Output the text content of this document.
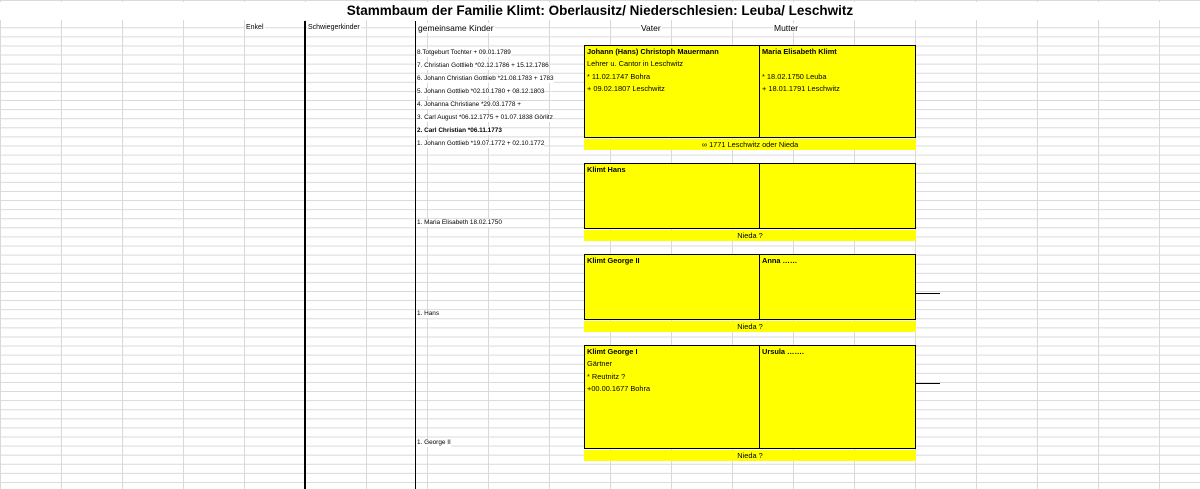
Stammbaum der Familie Klimt: Oberlausitz/ Niederschlesien: Leuba/ Leschwitz
Enkel	Schwiegerkinder	gemeinsame Kinder	Vater	Mutter
8.Totgeburt Tochter + 09.01.1789
7. Christian Gottlieb *02.12.1786 + 15.12.1786
6. Johann Christian Gottlieb *21.08.1783 + 1783
5. Johann Gottlieb *02.10.1780 + 08.12.1803
4. Johanna Christiane *29.03.1778 +
3. Carl August *06.12.1775 + 01.07.1838 Görlitz
2. Carl Christian *06.11.1773
1. Johann Gottlieb *19.07.1772 + 02.10.1772
Johann (Hans) Christoph Mauermann
Lehrer u. Cantor in Leschwitz
* 11.02.1747 Bohra
+ 09.02.1807 Leschwitz
Maria Elisabeth Klimt

* 18.02.1750 Leuba
+ 18.01.1791 Leschwitz
∞ 1771 Leschwitz oder Nieda
1. Maria Elisabeth 18.02.1750
Klimt Hans
Nieda ?
1. Hans
Klimt George II	Anna ……
Nieda ?
1. George II
Klimt George I
Gärtner
* Reutnitz ?
+00.00.1677 Bohra
Ursula …….
Nieda ?
